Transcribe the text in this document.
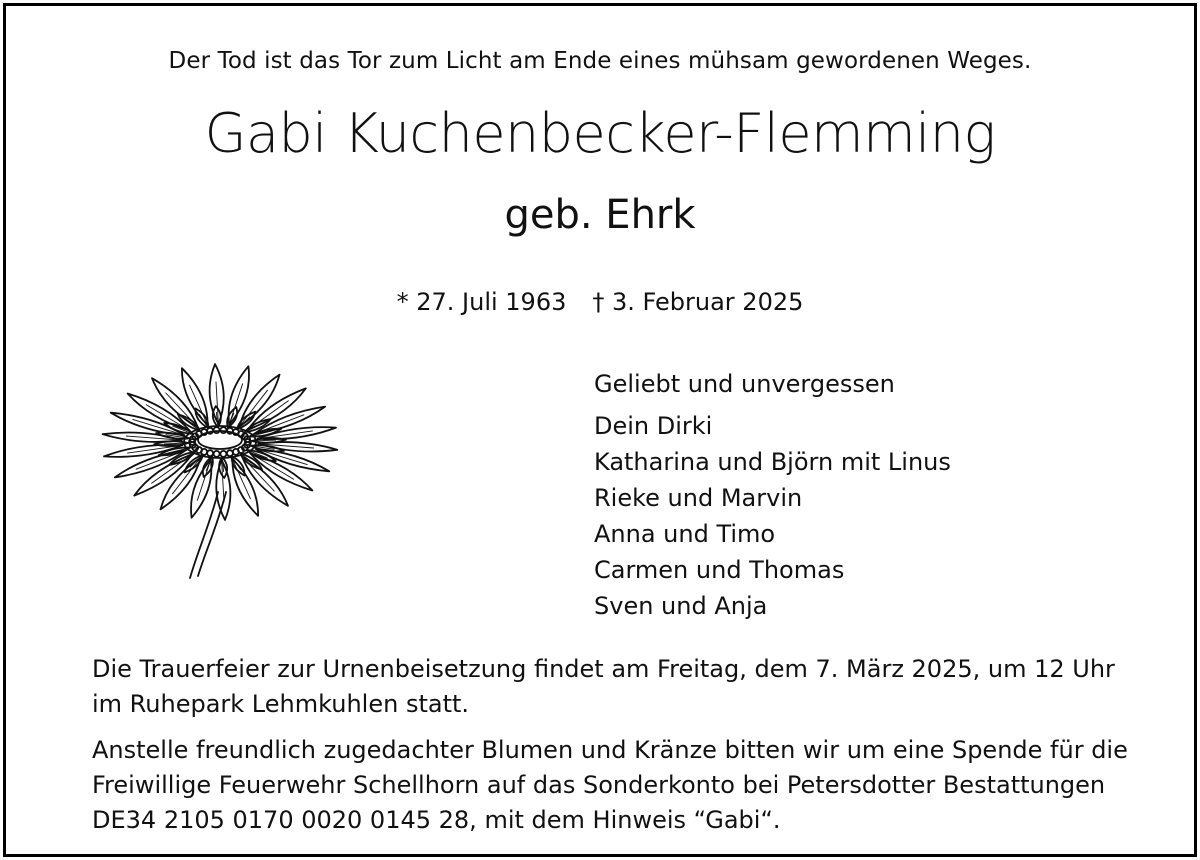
Der Tod ist das Tor zum Licht am Ende eines mühsam gewordenen Weges.
Gabi Kuchenbecker-Flemming
geb. Ehrk
* 27. Juli 1963 † 3. Februar 2025
Geliebt und unvergessen
Dein Dirki
Katharina und Björn mit Linus
Rieke und Marvin
Anna und Timo
Carmen und Thomas
Sven und Anja
Die Trauerfeier zur Urnenbeisetzung findet am Freitag, dem 7. März 2025, um 12 Uhr
im Ruhepark Lehmkuhlen statt.
Anstelle freundlich zugedachter Blumen und Kränze bitten wir um eine Spende für die
Freiwillige Feuerwehr Schellhorn auf das Sonderkonto bei Petersdotter Bestattungen
DE34 2105 0170 0020 0145 28, mit dem Hinweis “Gabi“.
